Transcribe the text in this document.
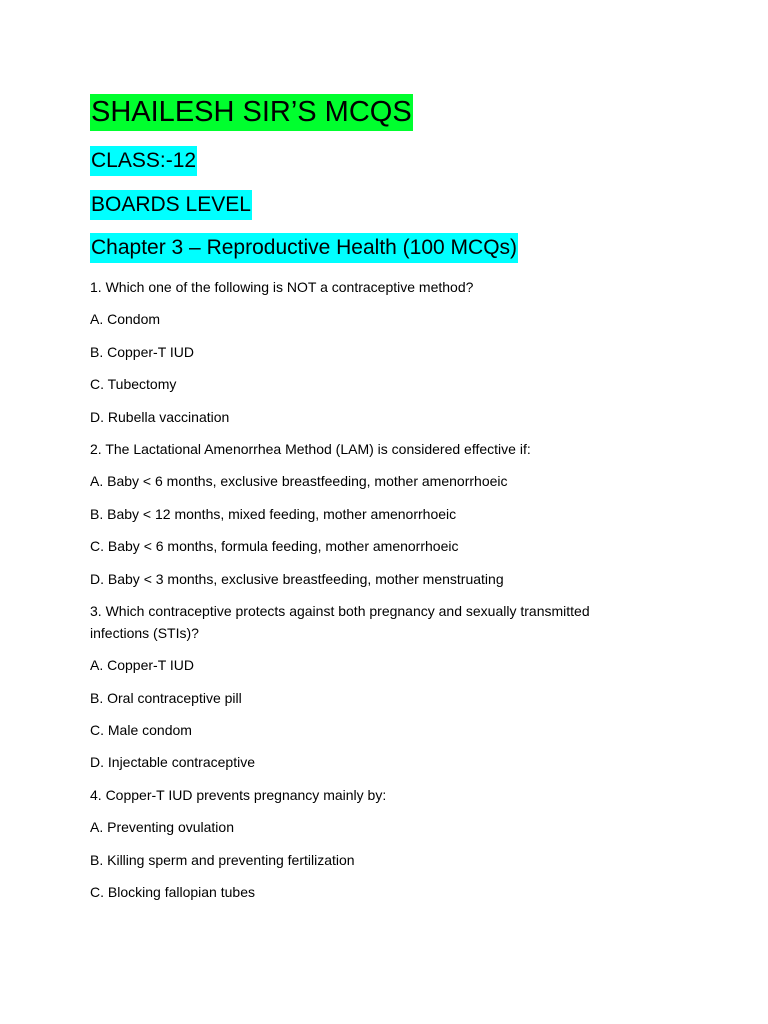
SHAILESH SIR’S MCQS
CLASS:-12
BOARDS LEVEL
Chapter 3 – Reproductive Health (100 MCQs)
1. Which one of the following is NOT a contraceptive method?
A. Condom
B. Copper-T IUD
C. Tubectomy
D. Rubella vaccination
2. The Lactational Amenorrhea Method (LAM) is considered effective if:
A. Baby < 6 months, exclusive breastfeeding, mother amenorrhoeic
B. Baby < 12 months, mixed feeding, mother amenorrhoeic
C. Baby < 6 months, formula feeding, mother amenorrhoeic
D. Baby < 3 months, exclusive breastfeeding, mother menstruating
3. Which contraceptive protects against both pregnancy and sexually transmitted infections (STIs)?
A. Copper-T IUD
B. Oral contraceptive pill
C. Male condom
D. Injectable contraceptive
4. Copper-T IUD prevents pregnancy mainly by:
A. Preventing ovulation
B. Killing sperm and preventing fertilization
C. Blocking fallopian tubes
